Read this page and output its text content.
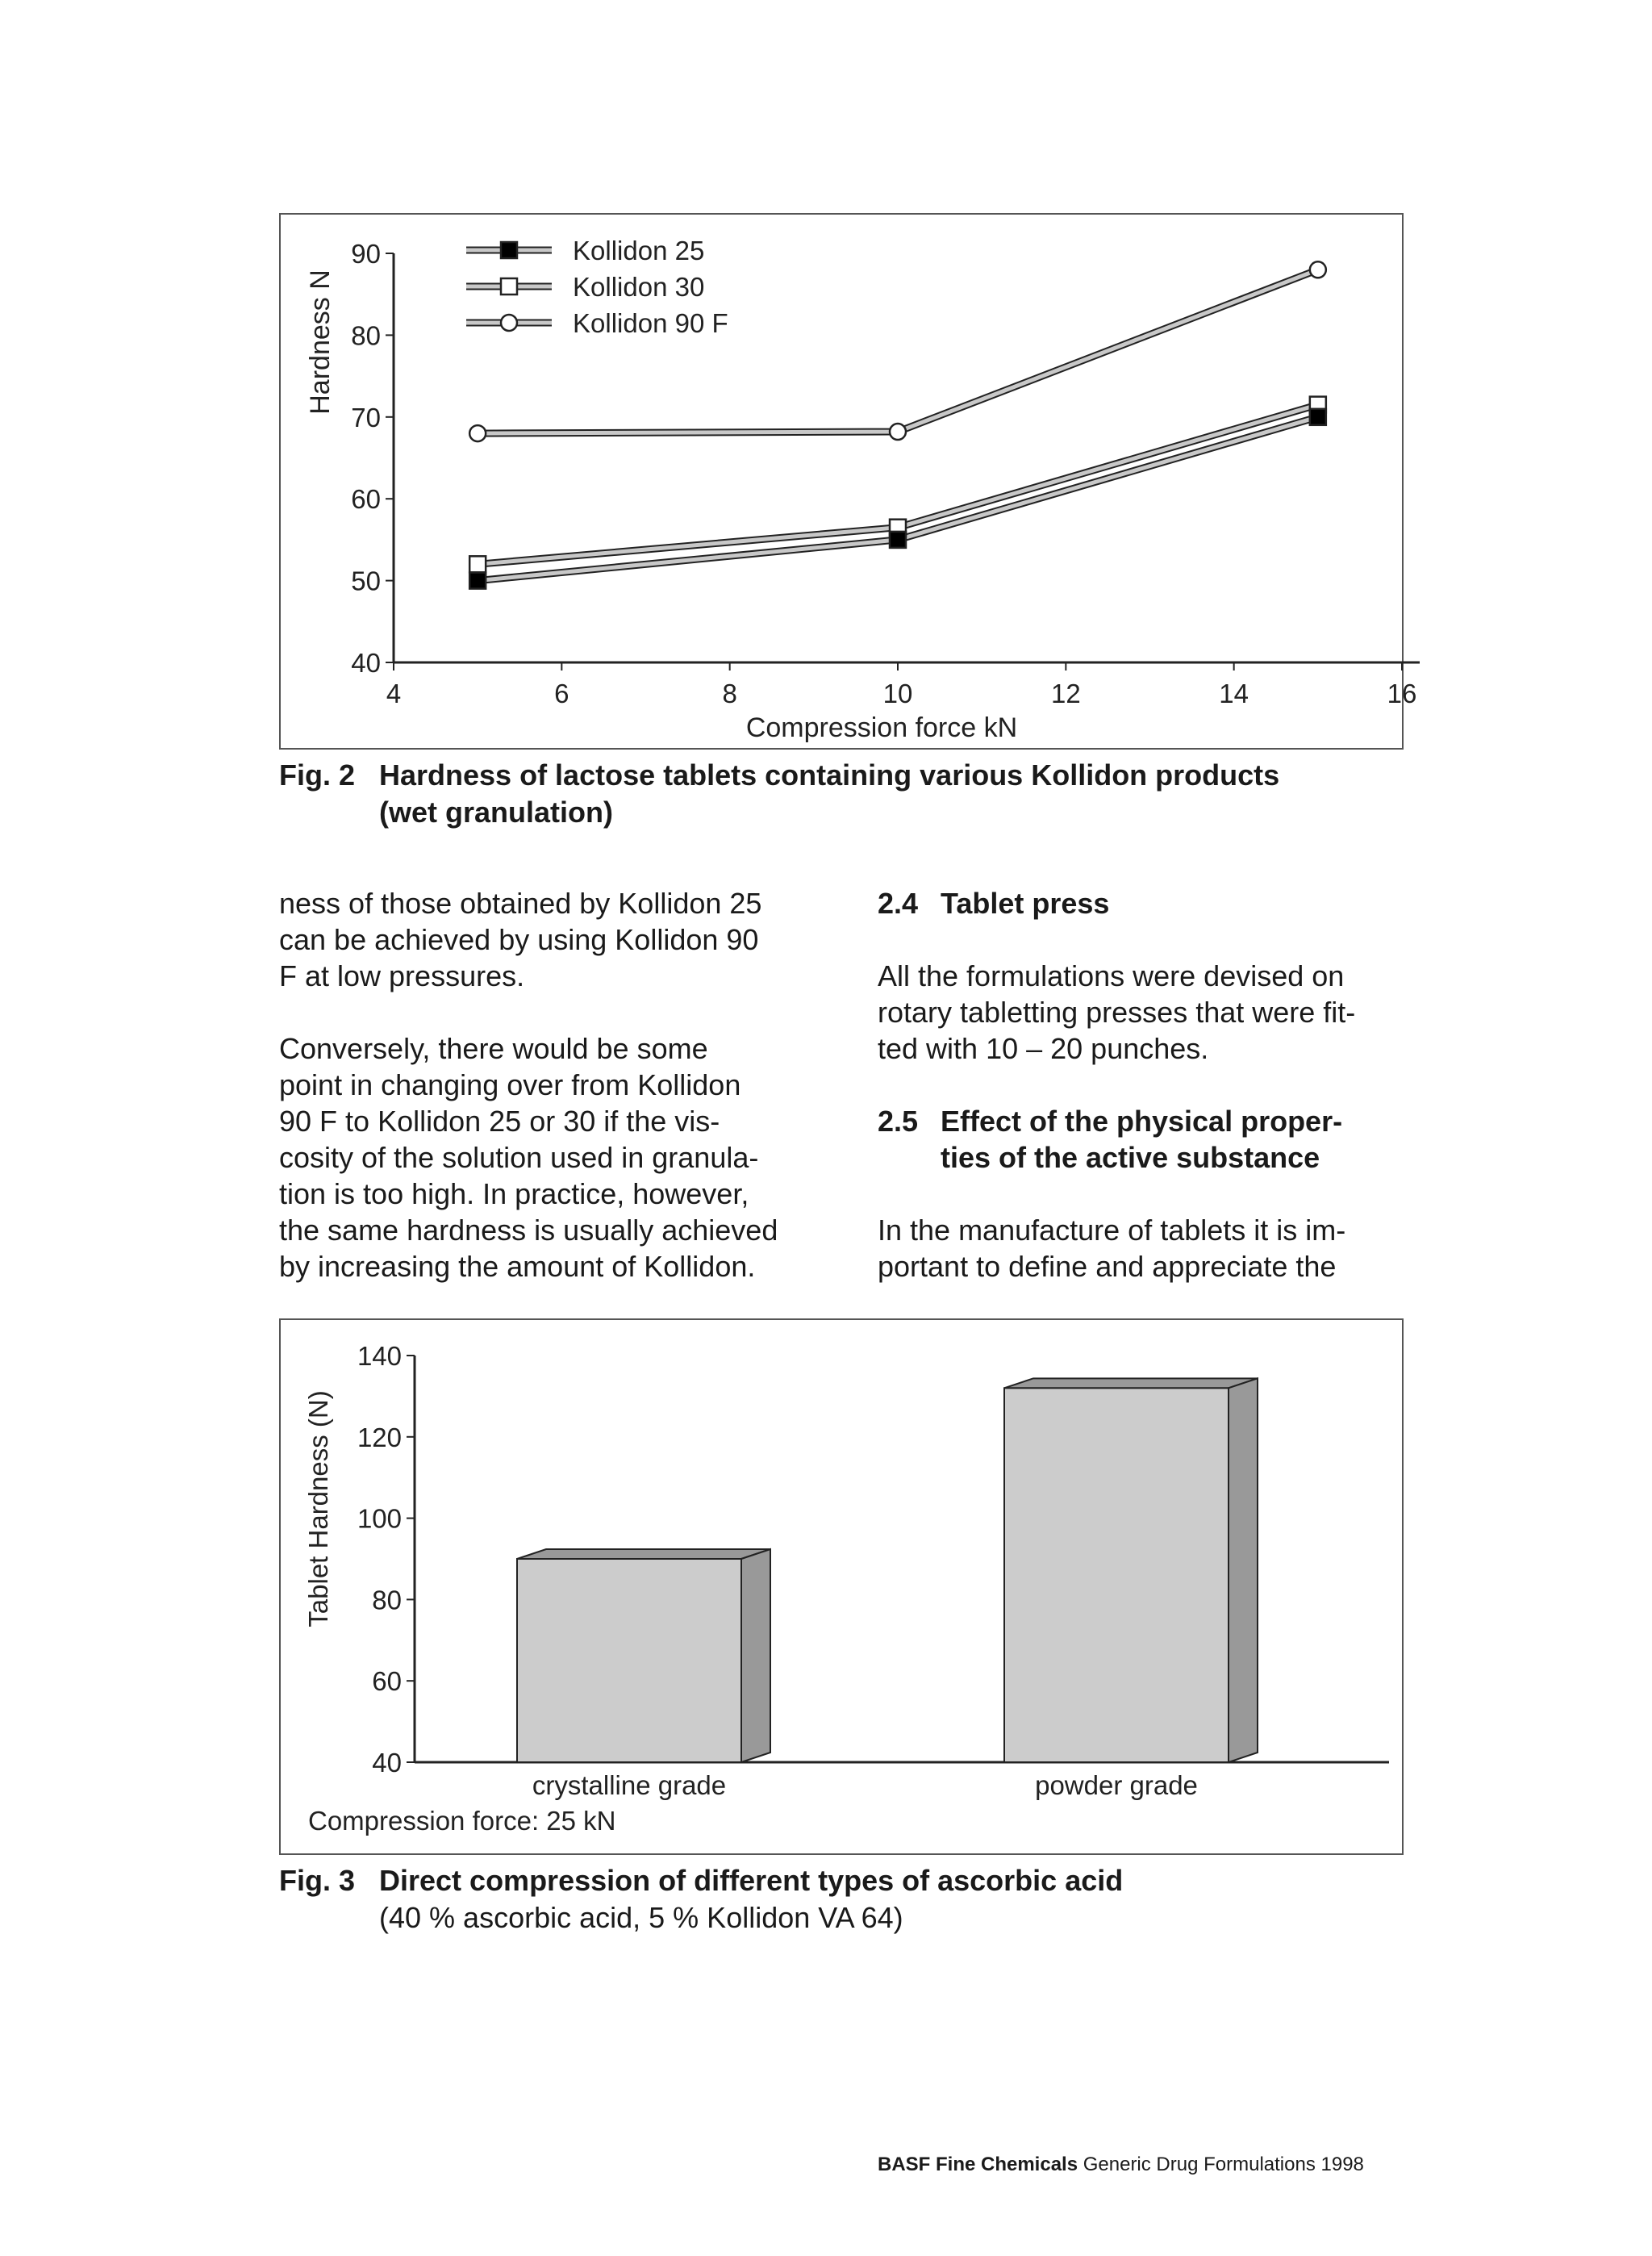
4	6	8	10	12	14	16
40
50
60
70
80
90
Compression force kN
Hardness N
Kollidon 25
Kollidon 30
Kollidon 90 F
Fig. 2 Hardness of lactose tablets containing various Kollidon products
(wet granulation)

ness of those obtained by Kollidon 25
can be achieved by using Kollidon 90
F at low pressures.

Conversely, there would be some
point in changing over from Kollidon
90 F to Kollidon 25 or 30 if the vis-
cosity of the solution used in granula-
tion is too high. In practice, however,
the same hardness is usually achieved
by increasing the amount of Kollidon.

2.4 Tablet press
All the formulations were devised on
rotary tabletting presses that were fit-
ted with 10 – 20 punches.
2.5 Effect of the physical proper-
ties of the active substance
In the manufacture of tablets it is im-
portant to define and appreciate the
40
60
80
100
120
140
Tablet Hardness (N)
crystalline grade	powder grade
Compression force: 25 kN
Fig. 3 Direct compression of different types of ascorbic acid
(40 % ascorbic acid, 5 % Kollidon VA 64)
BASF Fine Chemicals Generic Drug Formulations 1998
